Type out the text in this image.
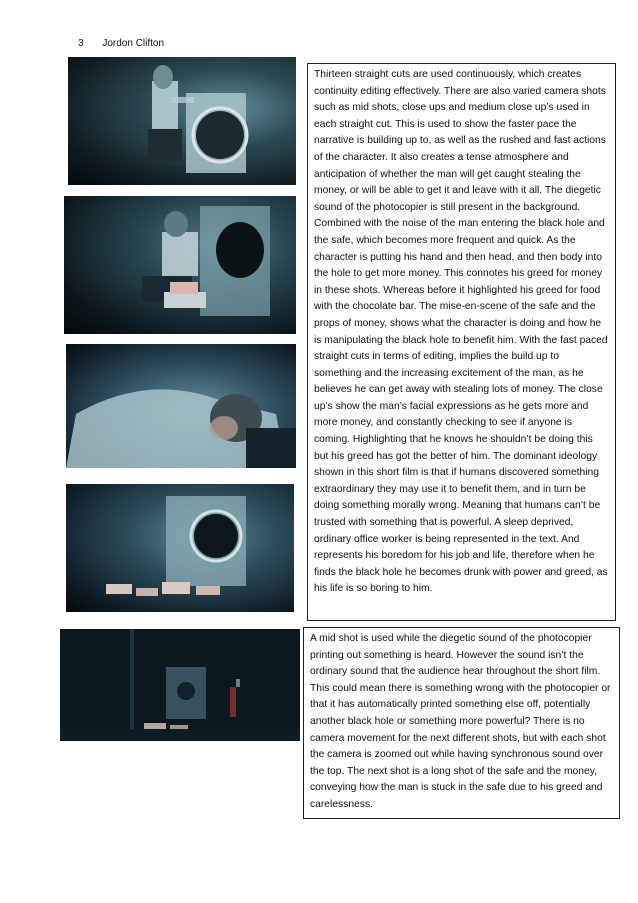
3 Jordon Clifton
Thirteen straight cuts are used continuously, which creates continuity editing effectively. There are also varied camera shots such as mid shots, close ups and medium close up’s used in each straight cut. This is used to show the faster pace the narrative is building up to, as well as the rushed and fast actions of the character. It also creates a tense atmosphere and anticipation of whether the man will get caught stealing the money, or will be able to get it and leave with it all. The diegetic sound of the photocopier is still present in the background. Combined with the noise of the man entering the black hole and the safe, which becomes more frequent and quick. As the character is putting his hand and then head, and then body into the hole to get more money. This connotes his greed for money in these shots. Whereas before it highlighted his greed for food with the chocolate bar. The mise-en-scene of the safe and the props of money, shows what the character is doing and how he is manipulating the black hole to benefit him. With the fast paced straight cuts in terms of editing, implies the build up to something and the increasing excitement of the man, as he believes he can get away with stealing lots of money. The close up’s show the man’s facial expressions as he gets more and more money, and constantly checking to see if anyone is coming. Highlighting that he knows he shouldn’t be doing this but his greed has got the better of him. The dominant ideology shown in this short film is that if humans discovered something extraordinary they may use it to benefit them, and in turn be doing something morally wrong. Meaning that humans can’t be trusted with something that is powerful. A sleep deprived, ordinary office worker is being represented in the text. And represents his boredom for his job and life, therefore when he finds the black hole he becomes drunk with power and greed, as his life is so boring to him.
A mid shot is used while the diegetic sound of the photocopier printing out something is heard. However the sound isn’t the ordinary sound that the audience hear throughout the short film. This could mean there is something wrong with the photocopier or that it has automatically printed something else off, potentially another black hole or something more powerful? There is no camera movement for the next different shots, but with each shot the camera is zoomed out while having synchronous sound over the top. The next shot is a long shot of the safe and the money, conveying how the man is stuck in the safe due to his greed and carelessness.
